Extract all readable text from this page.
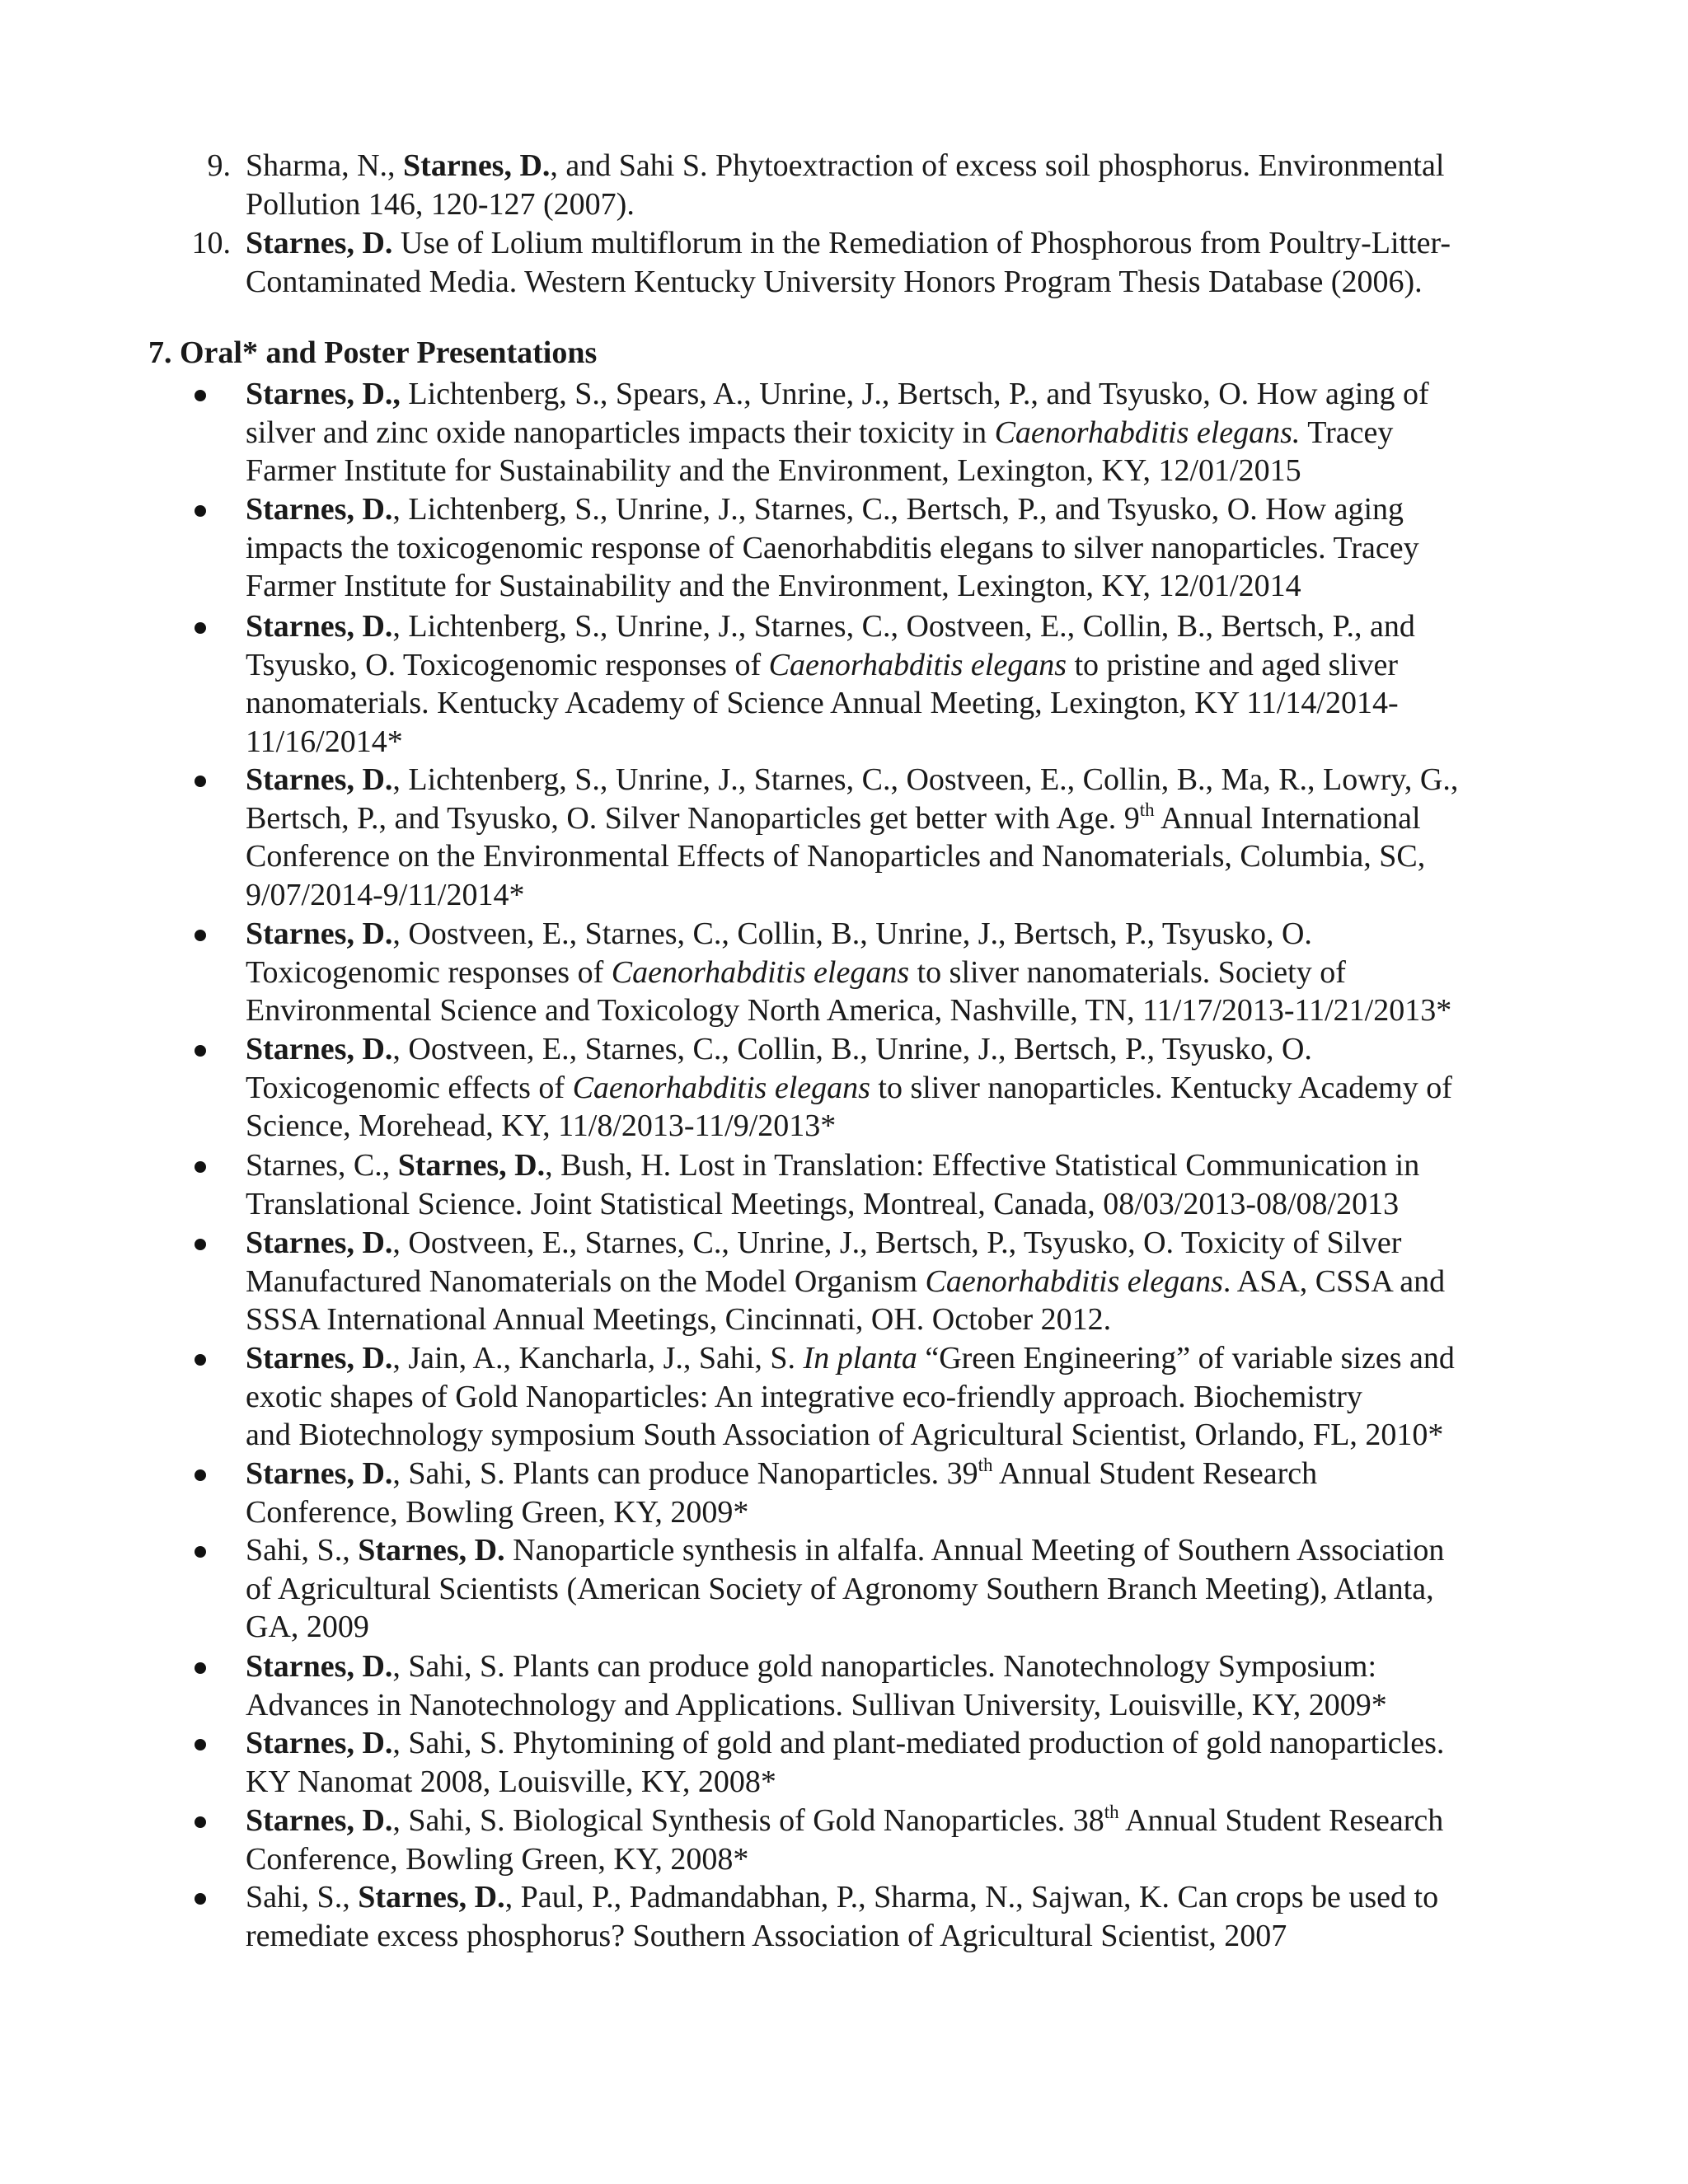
9. Sharma, N., Starnes, D., and Sahi S. Phytoextraction of excess soil phosphorus. Environmental
Pollution 146, 120-127 (2007).
10. Starnes, D. Use of Lolium multiflorum in the Remediation of Phosphorous from Poultry-Litter-
Contaminated Media. Western Kentucky University Honors Program Thesis Database (2006).
7. Oral* and Poster Presentations
Starnes, D., Lichtenberg, S., Spears, A., Unrine, J., Bertsch, P., and Tsyusko, O. How aging of
silver and zinc oxide nanoparticles impacts their toxicity in Caenorhabditis elegans. Tracey
Farmer Institute for Sustainability and the Environment, Lexington, KY, 12/01/2015
Starnes, D., Lichtenberg, S., Unrine, J., Starnes, C., Bertsch, P., and Tsyusko, O. How aging
impacts the toxicogenomic response of Caenorhabditis elegans to silver nanoparticles. Tracey
Farmer Institute for Sustainability and the Environment, Lexington, KY, 12/01/2014
Starnes, D., Lichtenberg, S., Unrine, J., Starnes, C., Oostveen, E., Collin, B., Bertsch, P., and
Tsyusko, O. Toxicogenomic responses of Caenorhabditis elegans to pristine and aged sliver
nanomaterials. Kentucky Academy of Science Annual Meeting, Lexington, KY 11/14/2014-
11/16/2014*
Starnes, D., Lichtenberg, S., Unrine, J., Starnes, C., Oostveen, E., Collin, B., Ma, R., Lowry, G.,
Bertsch, P., and Tsyusko, O. Silver Nanoparticles get better with Age. 9th Annual International
Conference on the Environmental Effects of Nanoparticles and Nanomaterials, Columbia, SC,
9/07/2014-9/11/2014*
Starnes, D., Oostveen, E., Starnes, C., Collin, B., Unrine, J., Bertsch, P., Tsyusko, O.
Toxicogenomic responses of Caenorhabditis elegans to sliver nanomaterials. Society of
Environmental Science and Toxicology North America, Nashville, TN, 11/17/2013-11/21/2013*
Starnes, D., Oostveen, E., Starnes, C., Collin, B., Unrine, J., Bertsch, P., Tsyusko, O.
Toxicogenomic effects of Caenorhabditis elegans to sliver nanoparticles. Kentucky Academy of
Science, Morehead, KY, 11/8/2013-11/9/2013*
Starnes, C., Starnes, D., Bush, H. Lost in Translation: Effective Statistical Communication in
Translational Science. Joint Statistical Meetings, Montreal, Canada, 08/03/2013-08/08/2013
Starnes, D., Oostveen, E., Starnes, C., Unrine, J., Bertsch, P., Tsyusko, O. Toxicity of Silver
Manufactured Nanomaterials on the Model Organism Caenorhabditis elegans. ASA, CSSA and
SSSA International Annual Meetings, Cincinnati, OH. October 2012.
Starnes, D., Jain, A., Kancharla, J., Sahi, S. In planta “Green Engineering” of variable sizes and
exotic shapes of Gold Nanoparticles: An integrative eco-friendly approach. Biochemistry
and Biotechnology symposium South Association of Agricultural Scientist, Orlando, FL, 2010*
Starnes, D., Sahi, S. Plants can produce Nanoparticles. 39th Annual Student Research
Conference, Bowling Green, KY, 2009*
Sahi, S., Starnes, D. Nanoparticle synthesis in alfalfa. Annual Meeting of Southern Association
of Agricultural Scientists (American Society of Agronomy Southern Branch Meeting), Atlanta,
GA, 2009
Starnes, D., Sahi, S. Plants can produce gold nanoparticles. Nanotechnology Symposium:
Advances in Nanotechnology and Applications. Sullivan University, Louisville, KY, 2009*
Starnes, D., Sahi, S. Phytomining of gold and plant-mediated production of gold nanoparticles.
KY Nanomat 2008, Louisville, KY, 2008*
Starnes, D., Sahi, S. Biological Synthesis of Gold Nanoparticles. 38th Annual Student Research
Conference, Bowling Green, KY, 2008*
Sahi, S., Starnes, D., Paul, P., Padmandabhan, P., Sharma, N., Sajwan, K. Can crops be used to
remediate excess phosphorus? Southern Association of Agricultural Scientist, 2007
